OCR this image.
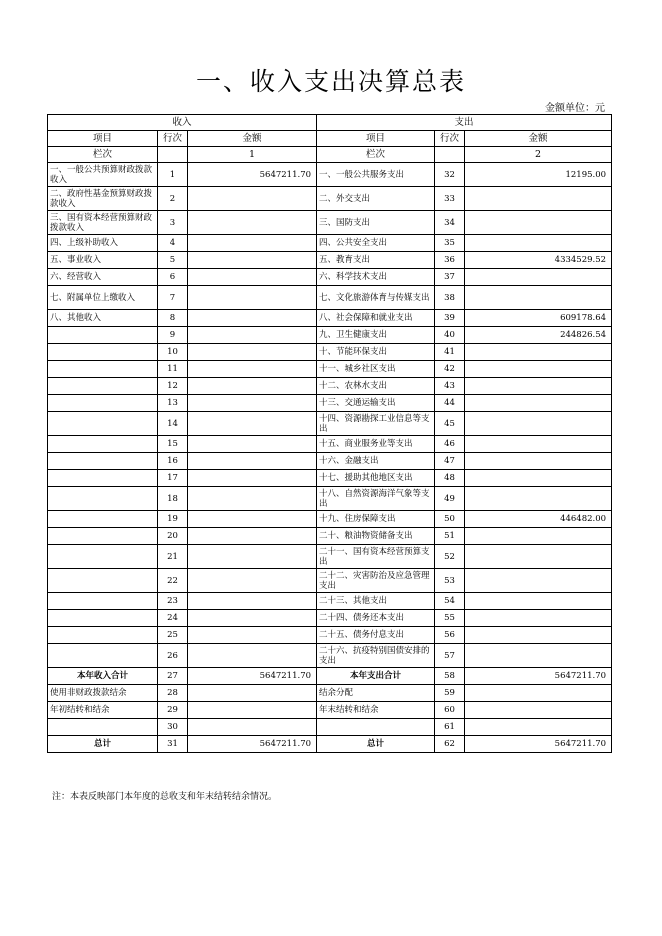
一、收入支出决算总表
金额单位：元
收入			支出		
项目	行次	金额	项目	行次	金额
栏次		1	栏次		2
一、一般公共预算财政拨款收入	1	5647211.70	一、一般公共服务支出	32	12195.00
二、政府性基金预算财政拨款收入	2		二、外交支出	33	
三、国有资本经营预算财政拨款收入	3		三、国防支出	34	
四、上级补助收入	4		四、公共安全支出	35	
五、事业收入	5		五、教育支出	36	4334529.52
六、经营收入	6		六、科学技术支出	37	
七、附属单位上缴收入	7		七、文化旅游体育与传媒支出	38	
八、其他收入	8		八、社会保障和就业支出	39	609178.64
	9		九、卫生健康支出	40	244826.54
	10		十、节能环保支出	41	
	11		十一、城乡社区支出	42	
	12		十二、农林水支出	43	
	13		十三、交通运输支出	44	
	14		十四、资源勘探工业信息等支出	45	
	15		十五、商业服务业等支出	46	
	16		十六、金融支出	47	
	17		十七、援助其他地区支出	48	
	18		十八、自然资源海洋气象等支出	49	
	19		十九、住房保障支出	50	446482.00
	20		二十、粮油物资储备支出	51	
	21		二十一、国有资本经营预算支出	52	
	22		二十二、灾害防治及应急管理支出	53	
	23		二十三、其他支出	54	
	24		二十四、债务还本支出	55	
	25		二十五、债务付息支出	56	
	26		二十六、抗疫特别国债安排的支出	57	
本年收入合计	27	5647211.70	本年支出合计	58	5647211.70
使用非财政拨款结余	28		结余分配	59	
年初结转和结余	29		年末结转和结余	60	
	30			61	
总计	31	5647211.70	总计	62	5647211.70
注：本表反映部门本年度的总收支和年末结转结余情况。
